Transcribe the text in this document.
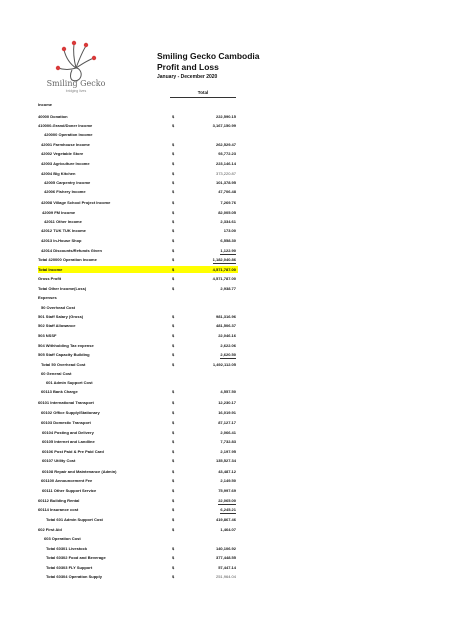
Smiling Gecko
bridging lives
Smiling Gecko Cambodia
Profit and Loss
January - December 2020
Total
Income
40000 Donation	$	222,590.15
410000-Grand/Doner Income	$	3,167,150.99
420000 Operation Income
42001 Farmhouse Income	$	262,529.47
42002 Vegetable Store	$	93,772.23
42003 Agriculture Income	$	223,146.14
42004 Big Kitchen	$	373,220.87
42005 Carpentry Income	$	101,378.95
42006 Fishery Income	$	47,706.48
42008 Village School Project Income	$	7,269.76
42009 FM Income	$	82,005.05
42011 Other Income	$	2,334.61
42012 TUK TUK Income	$	173.00
42013 In-House Shop	$	6,558.30
42014 Discounts/Refunds Given	$	1,122.90
Total 420000 Operation Income	$	1,182,040.86
Total Income	$	4,571,787.00
Gross Profit	$	4,571,787.00
Total Other Income(Loss)	$	2,938.77
Expenses
50 Overhead Cost
501 Staff Salary (Gross)	$	981,316.96
502 Staff Allowance	$	481,506.37
503 NSSF	$	22,046.16
504 Withholding Tax expense	$	2,622.06
505 Staff Capacity Building	$	2,620.50
Total 50 Overhead Cost	$	1,492,112.05
60 General Cost
601 Admin Support Cost
60113 Bank Charge	$	4,557.50
60101 International Transport	$	12,230.17
60102 Office Supply/Stationary	$	16,019.91
60103 Domestic Transport	$	87,127.17
60104 Posting and Delivery	$	2,066.41
60105 Internet and Landline	$	7,732.83
60106 Post Paid & Pre Paid Card	$	2,197.95
60107 Utility Cost	$	135,527.34
60108 Repair and Maintenance (Admin)	$	43,487.12
601100 Announcement Fee	$	2,149.50
60111 Other Support Service	$	75,997.69
60112 Building Rental	$	22,065.00
60114 Insurance cost	$	6,245.21
Total 601 Admin Support Cost	$	419,867.46
602 First Aid	$	1,464.07
603 Operation Cost
Total 60301 Livestock	$	140,106.92
Total 60302 Food and Beverage	$	377,448.55
Total 60303 FLY Support	$	57,447.14
Total 60304 Operation Supply	$	251,964.04
